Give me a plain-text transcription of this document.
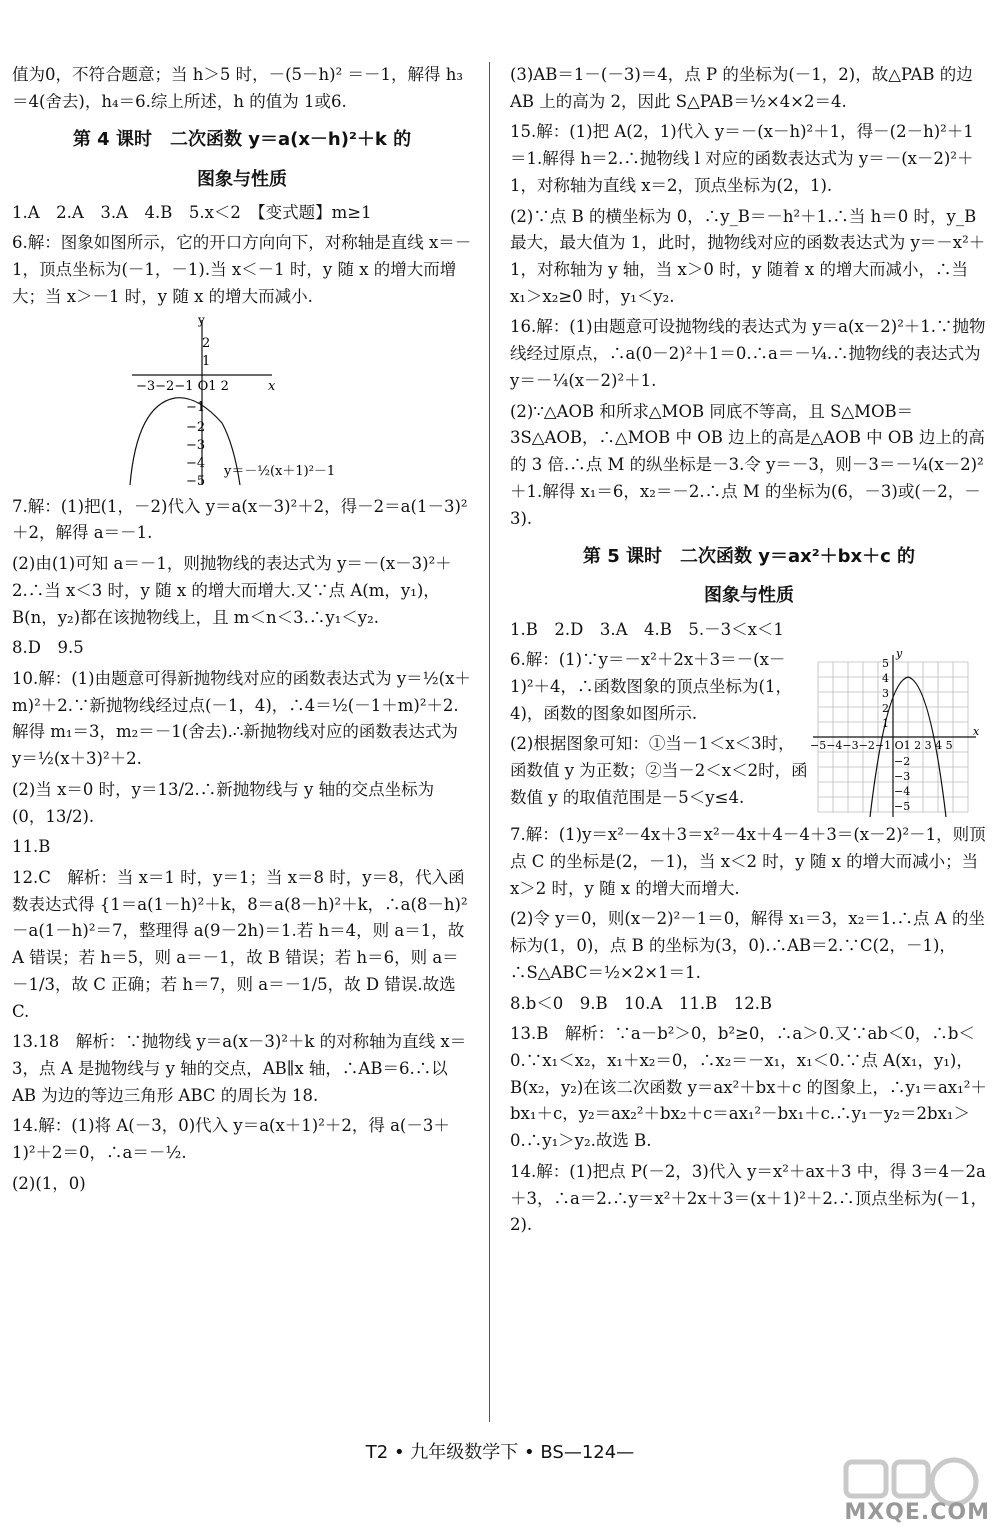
值为0，不符合题意；当 h＞5 时，－(5－h)² ＝－1，解得 h₃＝4(舍去)，h₄＝6.综上所述，h 的值为 1或6.

第 4 课时　二次函数 y＝a(x－h)²＋k 的
图象与性质

1.A　2.A　3.A　4.B　5.x＜2　【变式题】m≥1

6.解：图象如图所示，它的开口方向向下，对称轴是直线 x＝－1，顶点坐标为(－1，－1).当 x＜－1 时，y 随 x 的增大而增大；当 x＞－1 时，y 随 x 的增大而减小.

y
2
1
−3−2−1 O1 2	x
−1
−2
−3
−4
−5
y＝－½(x＋1)²－1

7.解：(1)把(1，－2)代入 y＝a(x－3)²＋2，得－2＝a(1－3)²＋2，解得 a＝－1.

(2)由(1)可知 a＝－1，则抛物线的表达式为 y＝－(x－3)²＋2.∴当 x＜3 时，y 随 x 的增大而增大.又∵点 A(m，y₁)，B(n，y₂)都在该抛物线上，且 m＜n＜3.∴y₁＜y₂.

8.D　9.5

10.解：(1)由题意可得新抛物线对应的函数表达式为 y＝½(x＋m)²＋2.∵新抛物线经过点(－1，4)，∴4＝½(－1＋m)²＋2.解得 m₁＝3，m₂＝－1(舍去).∴新抛物线对应的函数表达式为 y＝½(x＋3)²＋2.

(2)当 x＝0 时，y＝13/2.∴新抛物线与 y 轴的交点坐标为 (0，13/2).

11.B

12.C　解析：当 x＝1 时，y＝1；当 x＝8 时，y＝8，代入函数表达式得 {1＝a(1－h)²＋k，8＝a(8－h)²＋k，∴a(8－h)²－a(1－h)²＝7，整理得 a(9－2h)＝1.若 h＝4，则 a＝1，故 A 错误；若 h＝5，则 a＝－1，故 B 错误；若 h＝6，则 a＝－1/3，故 C 正确；若 h＝7，则 a＝－1/5，故 D 错误.故选 C.

13.18　解析：∵抛物线 y＝a(x－3)²＋k 的对称轴为直线 x＝3，点 A 是抛物线与 y 轴的交点，AB∥x 轴，∴AB＝6.∴以 AB 为边的等边三角形 ABC 的周长为 18.

14.解：(1)将 A(－3，0)代入 y＝a(x＋1)²＋2，得 a(－3＋1)²＋2＝0，∴a＝－½.

(2)(1，0)

(3)AB＝1－(－3)＝4，点 P 的坐标为(－1，2)，故△PAB 的边 AB 上的高为 2，因此 S△PAB＝½×4×2＝4.

15.解：(1)把 A(2，1)代入 y＝－(x－h)²＋1，得－(2－h)²＋1＝1.解得 h＝2.∴抛物线 l 对应的函数表达式为 y＝－(x－2)²＋1，对称轴为直线 x＝2，顶点坐标为(2，1).

(2)∵点 B 的横坐标为 0，∴y_B＝－h²＋1.∴当 h＝0 时，y_B 最大，最大值为 1，此时，抛物线对应的函数表达式为 y＝－x²＋1，对称轴为 y 轴，当 x＞0 时，y 随着 x 的增大而减小，∴当 x₁＞x₂≥0 时，y₁＜y₂.

16.解：(1)由题意可设抛物线的表达式为 y＝a(x－2)²＋1.∵抛物线经过原点，∴a(0－2)²＋1＝0.∴a＝－¼.∴抛物线的表达式为 y＝－¼(x－2)²＋1.

(2)∵△AOB 和所求△MOB 同底不等高，且 S△MOB＝3S△AOB，∴△MOB 中 OB 边上的高是△AOB 中 OB 边上的高的 3 倍.∴点 M 的纵坐标是－3.令 y＝－3，则－3＝－¼(x－2)²＋1.解得 x₁＝6，x₂＝－2.∴点 M 的坐标为(6，－3)或(－2，－3).

第 5 课时　二次函数 y＝ax²＋bx＋c 的
图象与性质

1.B　2.D　3.A　4.B　5.－3＜x＜1

6.解：(1)∵y＝－x²＋2x＋3＝－(x－1)²＋4，∴函数图象的顶点坐标为(1，4)，函数的图象如图所示.

(2)根据图象可知：①当－1＜x＜3时，函数值 y 为正数；②当－2＜x＜2时，函数值 y 的取值范围是－5＜y≤4.

y
x
−5−4−3−2−1 O1 2 3 4 5
5
4
3
2
1
−2
−3
−4
−5

7.解：(1)y＝x²－4x＋3＝x²－4x＋4－4＋3＝(x－2)²－1，则顶点 C 的坐标是(2，－1)，当 x＜2 时，y 随 x 的增大而减小；当 x＞2 时，y 随 x 的增大而增大.

(2)令 y＝0，则(x－2)²－1＝0，解得 x₁＝3，x₂＝1.∴点 A 的坐标为(1，0)，点 B 的坐标为(3，0).∴AB＝2.∵C(2，－1)，∴S△ABC＝½×2×1＝1.

8.b＜0　9.B　10.A　11.B　12.B

13.B　解析：∵a－b²＞0，b²≥0，∴a＞0.又∵ab＜0，∴b＜0.∵x₁＜x₂，x₁＋x₂＝0，∴x₂＝－x₁，x₁＜0.∵点 A(x₁，y₁)，B(x₂，y₂)在该二次函数 y＝ax²＋bx＋c 的图象上，∴y₁＝ax₁²＋bx₁＋c，y₂＝ax₂²＋bx₂＋c＝ax₁²－bx₁＋c.∴y₁－y₂＝2bx₁＞0.∴y₁＞y₂.故选 B.

14.解：(1)把点 P(－2，3)代入 y＝x²＋ax＋3 中，得 3＝4－2a＋3，∴a＝2.∴y＝x²＋2x＋3＝(x＋1)²＋2.∴顶点坐标为(－1，2).

T2 • 九年级数学下 • BS—124—
MXQE.COM
